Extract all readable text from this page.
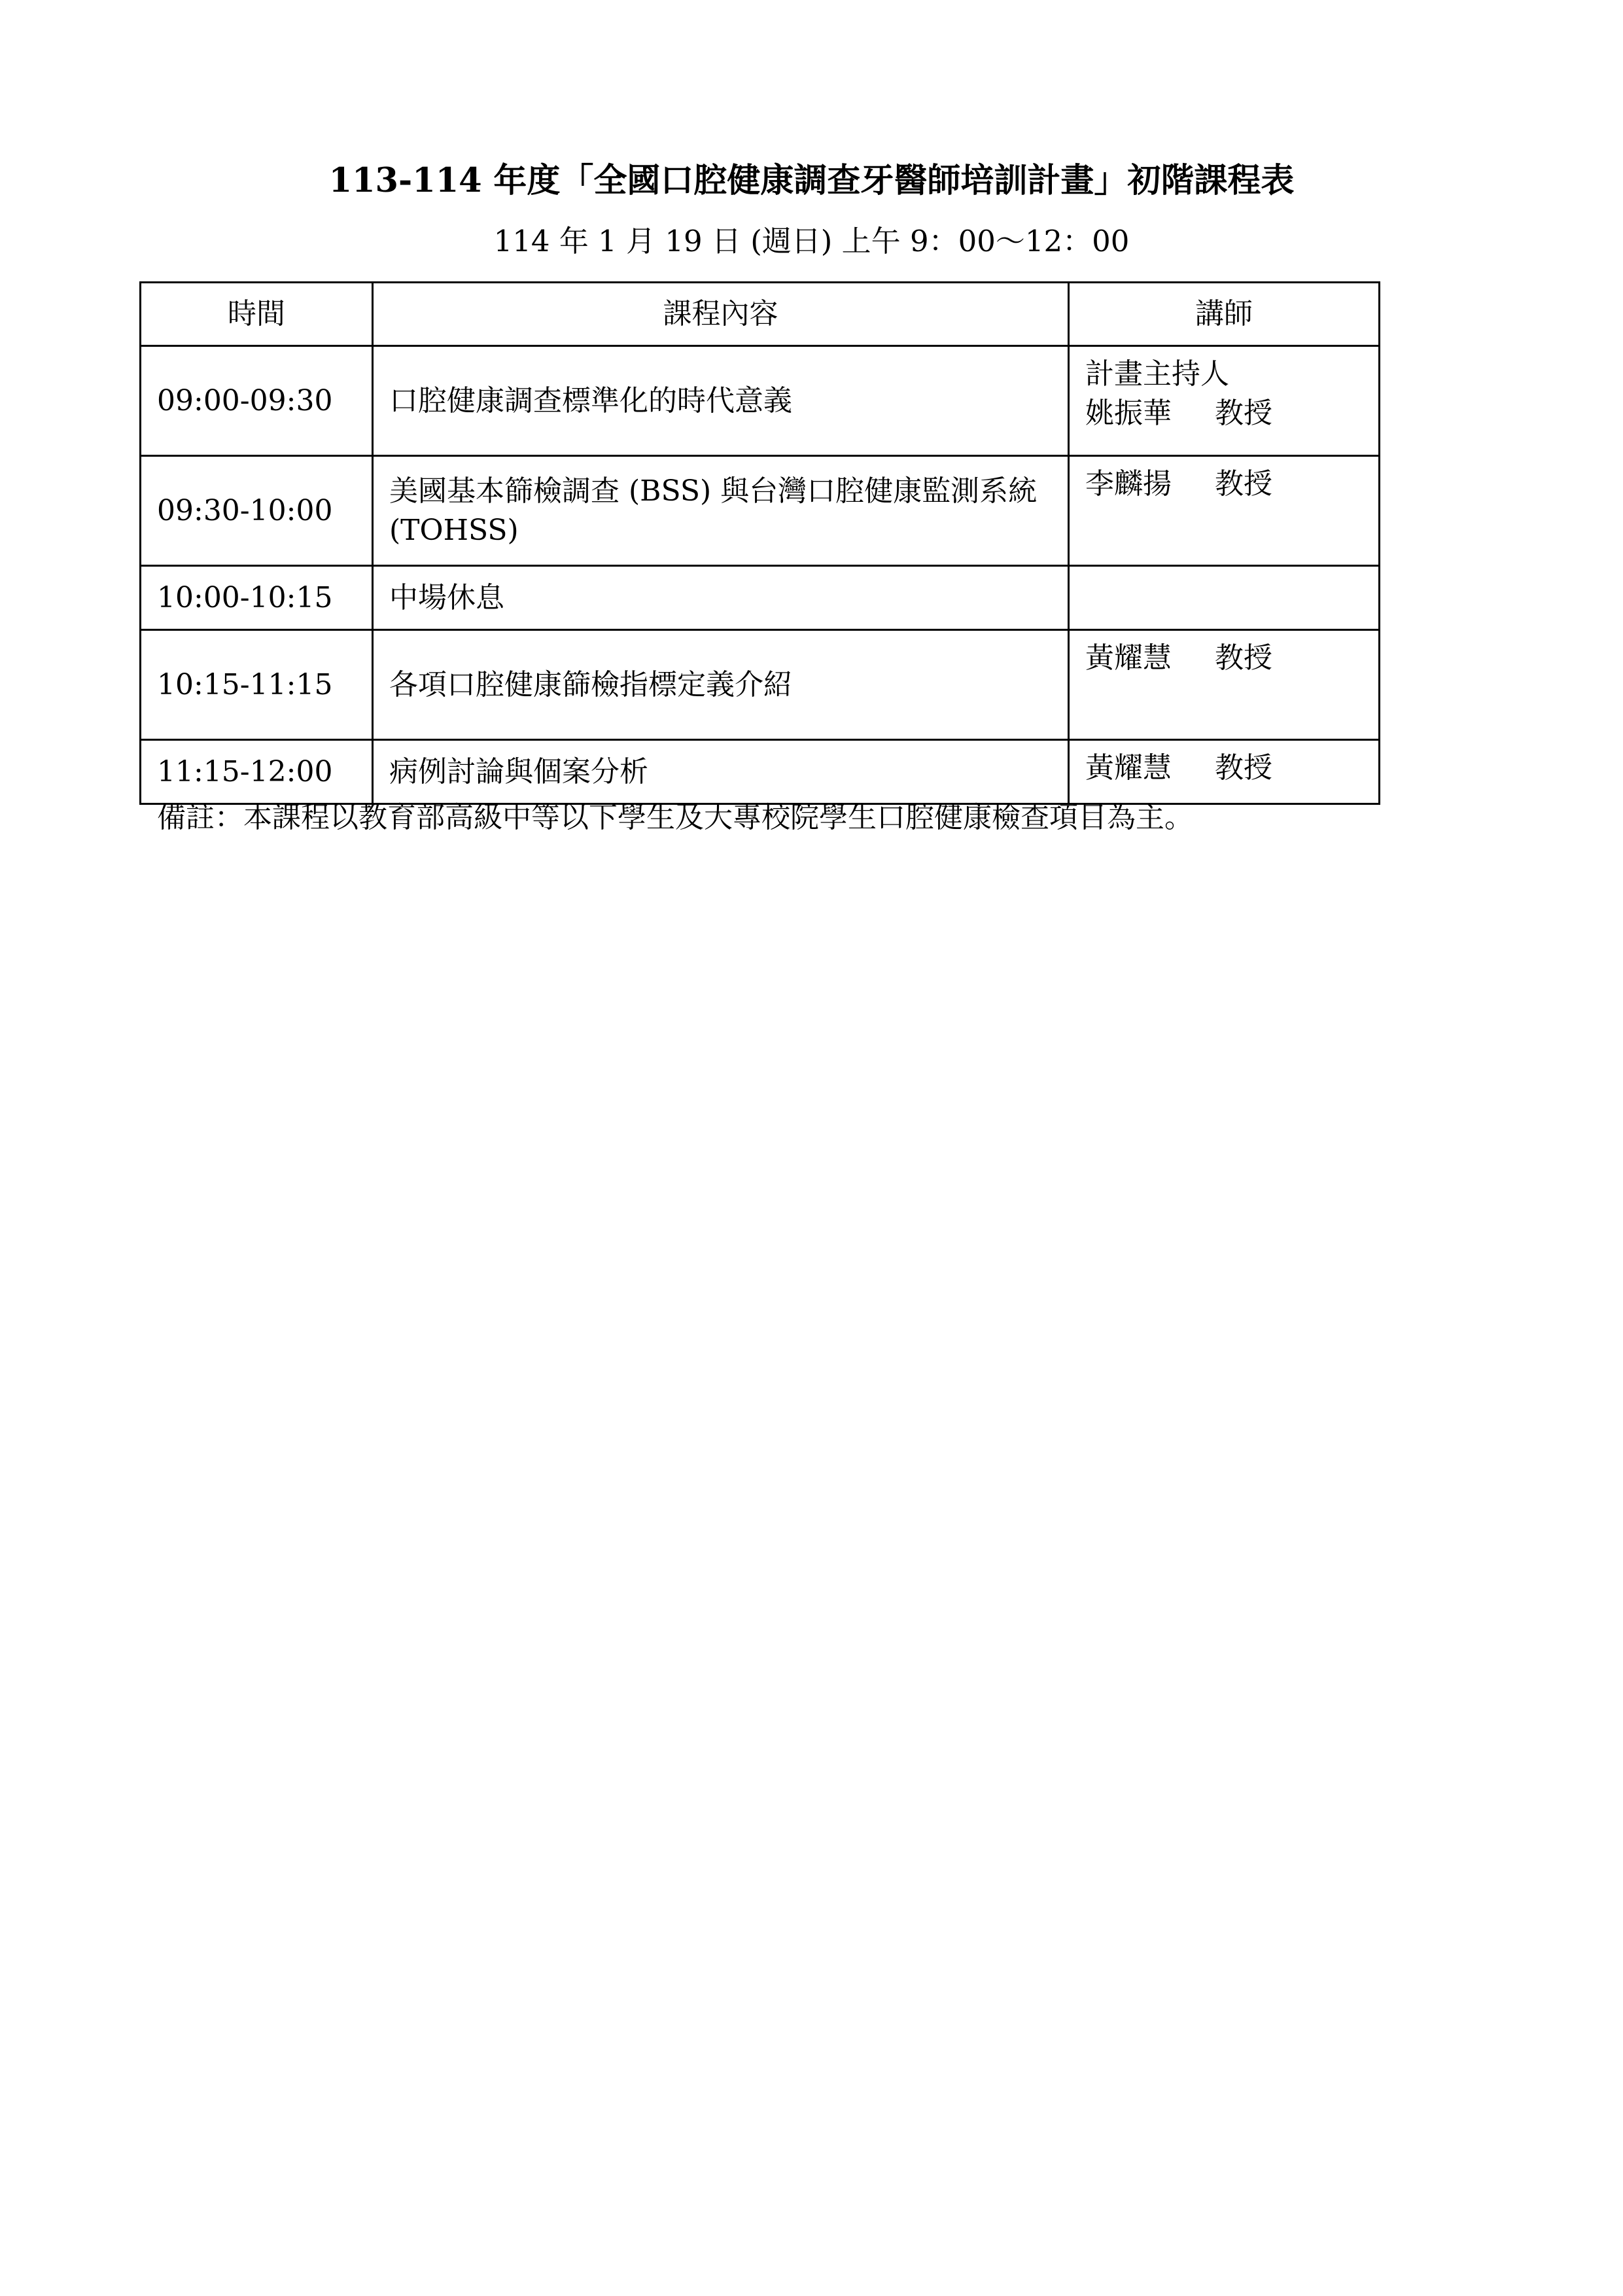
113-114 年度「全國口腔健康調查牙醫師培訓計畫」初階課程表

114 年 1 月 19 日 (週日) 上午 9：00～12：00

時間	課程內容	講師
09:00-09:30	口腔健康調查標準化的時代意義	計畫主持人
姚振華 教授

09:30-10:00	美國基本篩檢調查 (BSS) 與台灣口腔健康監測系統 (TOHSS)	李麟揚 教授

10:00-10:15	中場休息	

10:15-11:15	各項口腔健康篩檢指標定義介紹	黃耀慧 教授

11:15-12:00	病例討論與個案分析	黃耀慧 教授

備註：本課程以教育部高級中等以下學生及大專校院學生口腔健康檢查項目為主。
